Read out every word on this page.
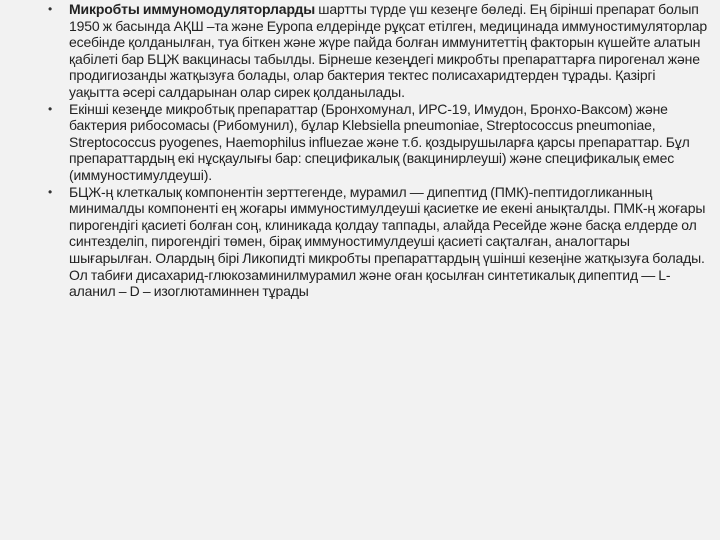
• Микробты иммуномодуляторларды шартты түрде үш кезеңге бөледі. Ең бірінші препарат болып 1950 ж басында АҚШ –та және Еуропа елдерінде рұқсат етілген, медицинада иммуностимуляторлар есебінде қолданылған, туа біткен және жүре пайда болған иммунитеттің факторын күшейте алатын қабілеті бар БЦЖ вакцинасы табылды. Бірнеше кезеңдегі микробты препараттарға пирогенал және продигиозанды жатқызуға болады, олар бактерия тектес полисахаридтерден тұрады. Қазіргі уақытта әсері салдарынан олар сирек қолданылады.
• Екінші кезеңде микробтық препараттар (Бронхомунал, ИРС-19, Имудон, Бронхо-Ваксом) және бактерия рибосомасы (Рибомунил), бұлар Klebsiella pneumoniae, Streptococcus pneumoniae, Streptococcus pyogenes, Haemophilus influezae және т.б. қоздырушыларға қарсы препараттар. Бұл препараттардың екі нұсқаулығы бар: спецификалық (вакцинирлеуші) және спецификалық емес (иммуностимулдеуші).
• БЦЖ-ң клеткалық компонентін зерттегенде, мурамил — дипептид (ПМК)-пептидогликанның минималды компоненті ең жоғары иммуностимулдеуші қасиетке ие екені анықталды. ПМК-ң жоғары пирогендігі қасиеті болған соң, клиникада қолдау таппады, алайда Ресейде және басқа елдерде ол синтезделіп, пирогендігі төмен, бірақ иммуностимулдеуші қасиеті сақталған, аналогтары шығарылған. Олардың бірі Ликопидті микробты препараттардың үшінші кезеңіне жатқызуға болады. Ол табиғи дисахарид-глюкозаминилмурамил және оған қосылған синтетикалық дипептид — L-аланил – D – изоглютаминнен тұрады
